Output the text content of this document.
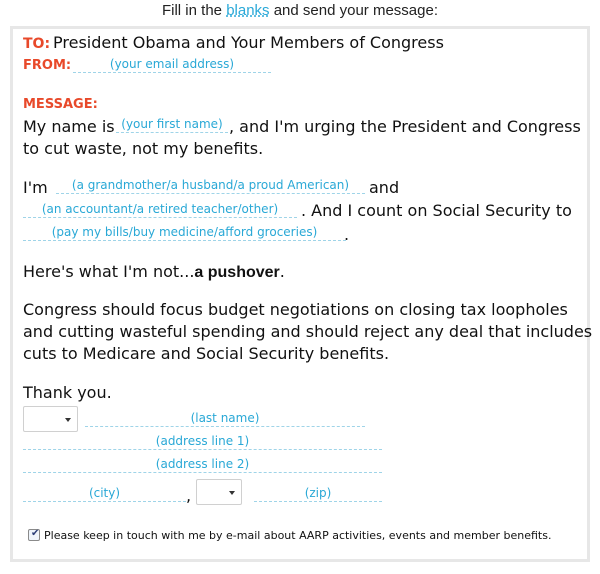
Fill in the blanks and send your message:
TO: President Obama and Your Members of Congress
FROM:
(your email address)
MESSAGE:
My name is
(your first name)	, and I'm urging the President and Congress
to cut waste, not my benefits.
I'm
(a grandmother/a husband/a proud American)	and
(an accountant/a retired teacher/other)
. And I count on Social Security to
(pay my bills/buy medicine/afford groceries)
.
Here's what I'm not...a pushover.
Congress should focus budget negotiations on closing tax loopholes
and cutting wasteful spending and should reject any deal that includes
cuts to Medicare and Social Security benefits.
Thank you.
(last name)
(address line 1)
(address line 2)
(city)
,
(zip)
✔ Please keep in touch with me by e-mail about AARP activities, events and member benefits.
